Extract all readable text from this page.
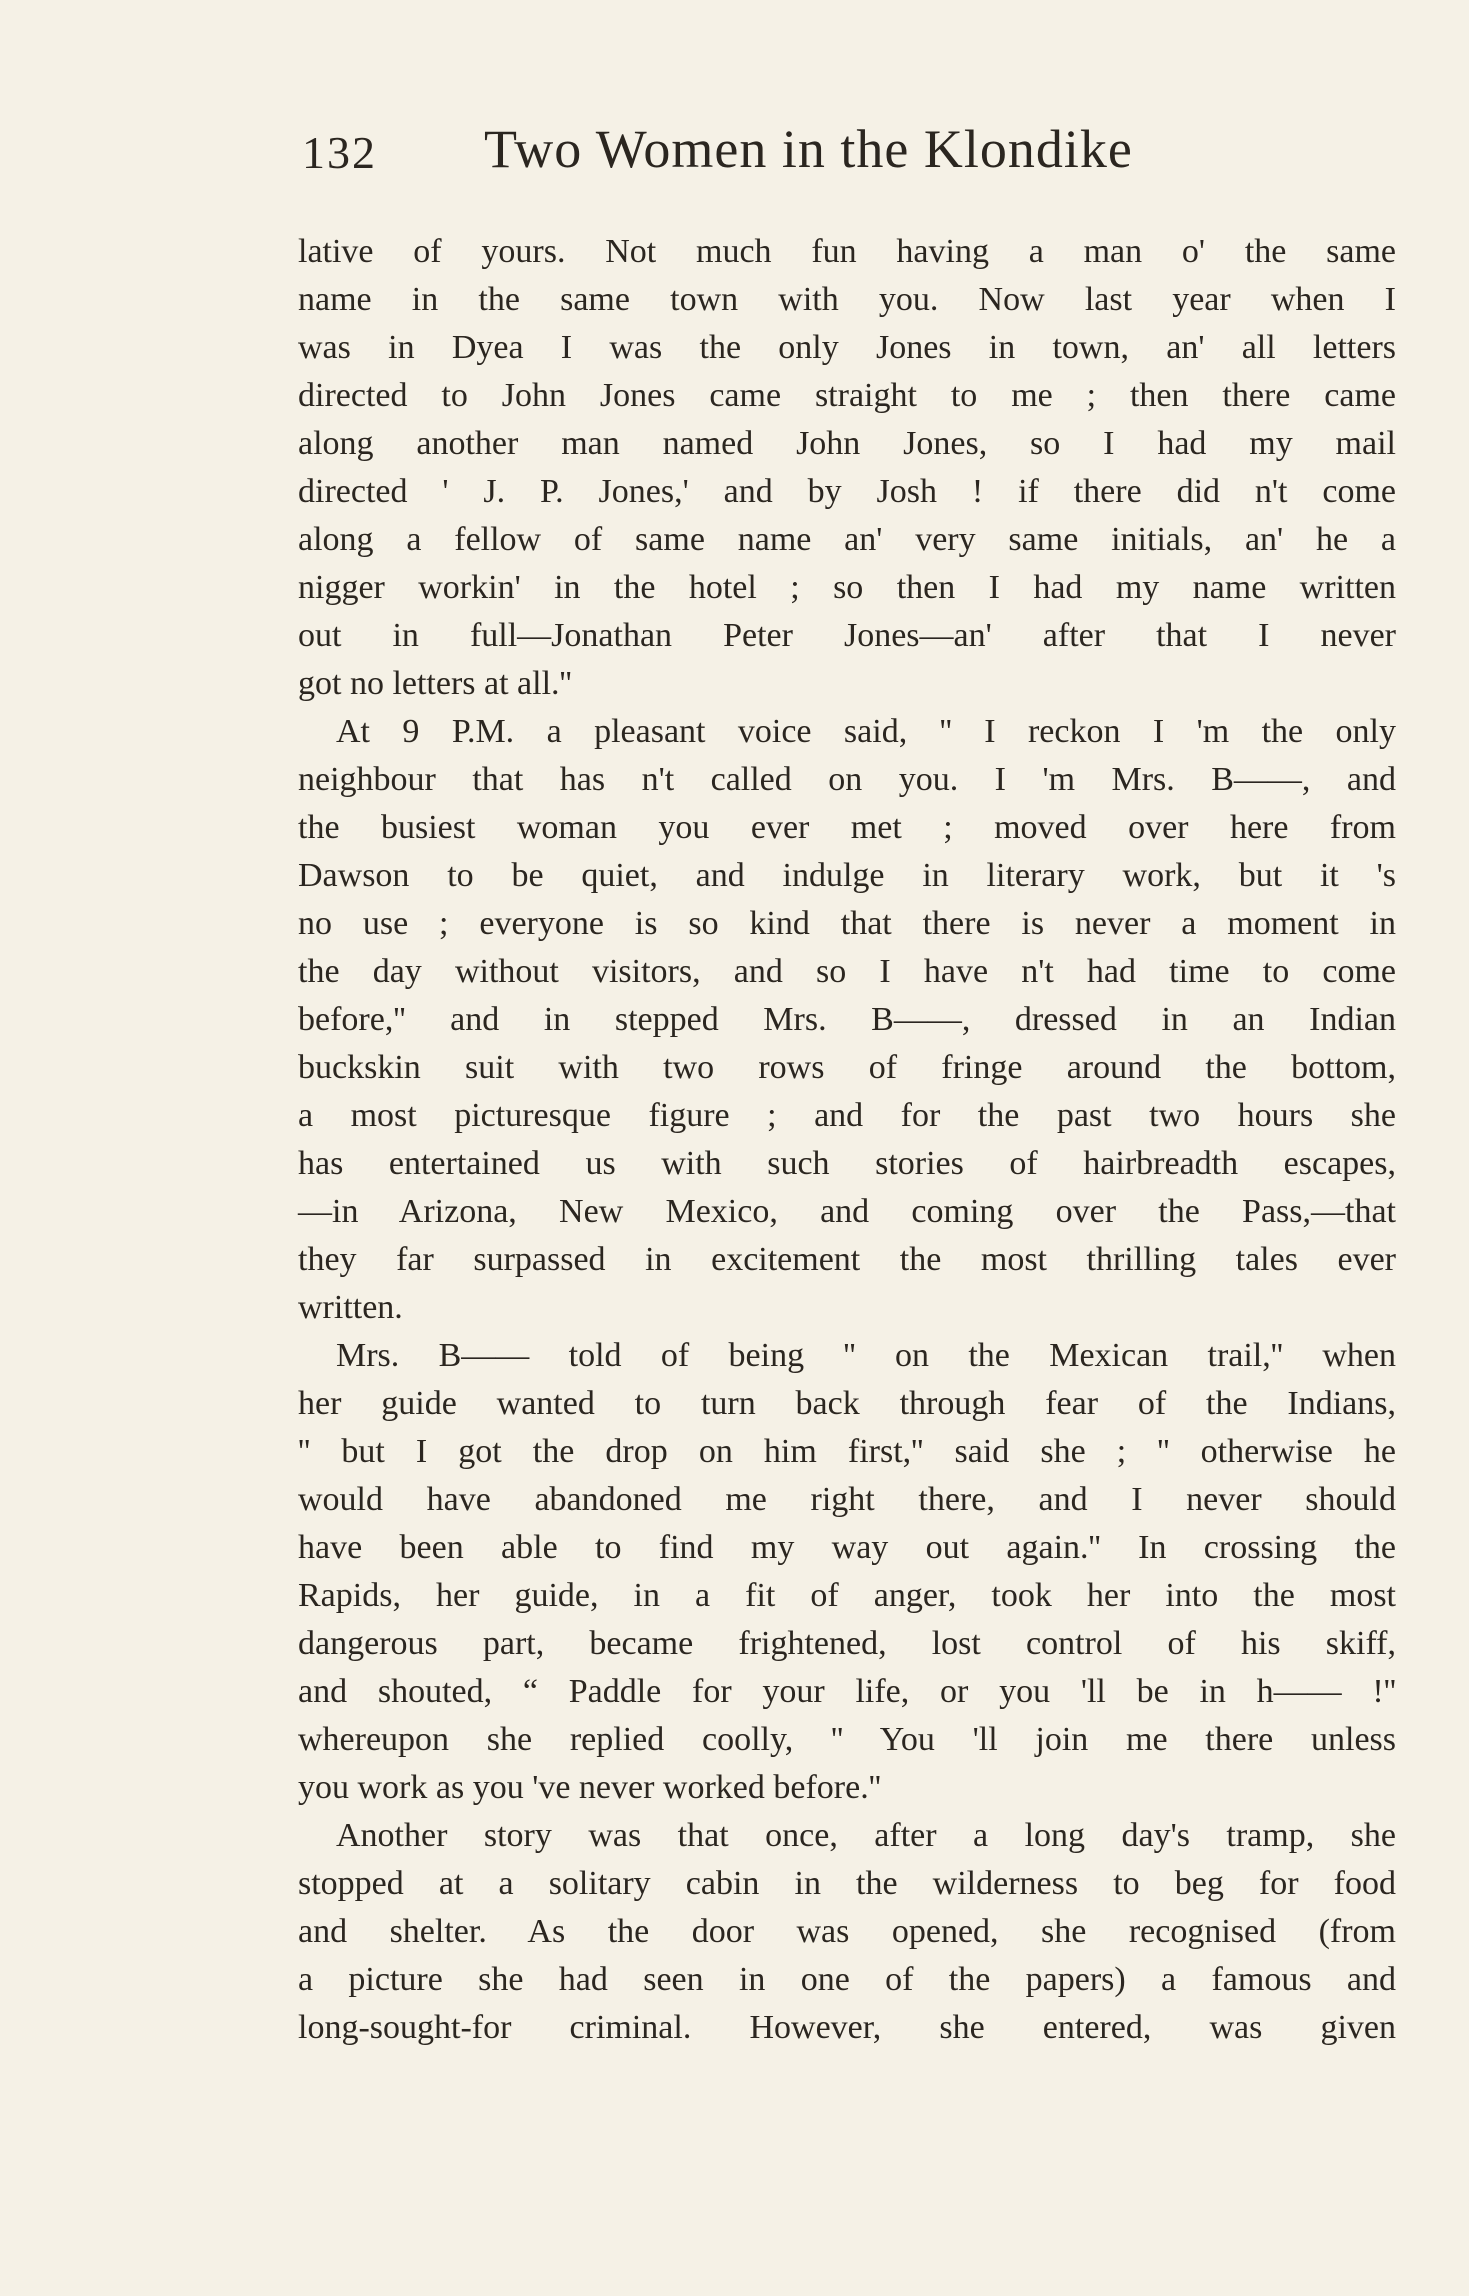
132 Two Women in the Klondike
lative of yours. Not much fun having a man o' the same
name in the same town with you. Now last year when I
was in Dyea I was the only Jones in town, an' all letters
directed to John Jones came straight to me ; then there came
along another man named John Jones, so I had my mail
directed ' J. P. Jones,' and by Josh ! if there did n't come
along a fellow of same name an' very same initials, an' he a
nigger workin' in the hotel ; so then I had my name written
out in full—Jonathan Peter Jones—an' after that I never
got no letters at all.''
At 9 P.M. a pleasant voice said, '' I reckon I 'm the only
neighbour that has n't called on you. I 'm Mrs. B——, and
the busiest woman you ever met ; moved over here from
Dawson to be quiet, and indulge in literary work, but it 's
no use ; everyone is so kind that there is never a moment in
the day without visitors, and so I have n't had time to come
before,'' and in stepped Mrs. B——, dressed in an Indian
buckskin suit with two rows of fringe around the bottom,
a most picturesque figure ; and for the past two hours she
has entertained us with such stories of hairbreadth escapes,
—in Arizona, New Mexico, and coming over the Pass,—that
they far surpassed in excitement the most thrilling tales ever
written.
Mrs. B—— told of being '' on the Mexican trail,'' when
her guide wanted to turn back through fear of the Indians,
'' but I got the drop on him first,'' said she ; '' otherwise he
would have abandoned me right there, and I never should
have been able to find my way out again.'' In crossing the
Rapids, her guide, in a fit of anger, took her into the most
dangerous part, became frightened, lost control of his skiff,
and shouted, “ Paddle for your life, or you 'll be in h—— !''
whereupon she replied coolly, '' You 'll join me there unless
you work as you 've never worked before.''
Another story was that once, after a long day's tramp, she
stopped at a solitary cabin in the wilderness to beg for food
and shelter. As the door was opened, she recognised (from
a picture she had seen in one of the papers) a famous and
long-sought-for criminal. However, she entered, was given
